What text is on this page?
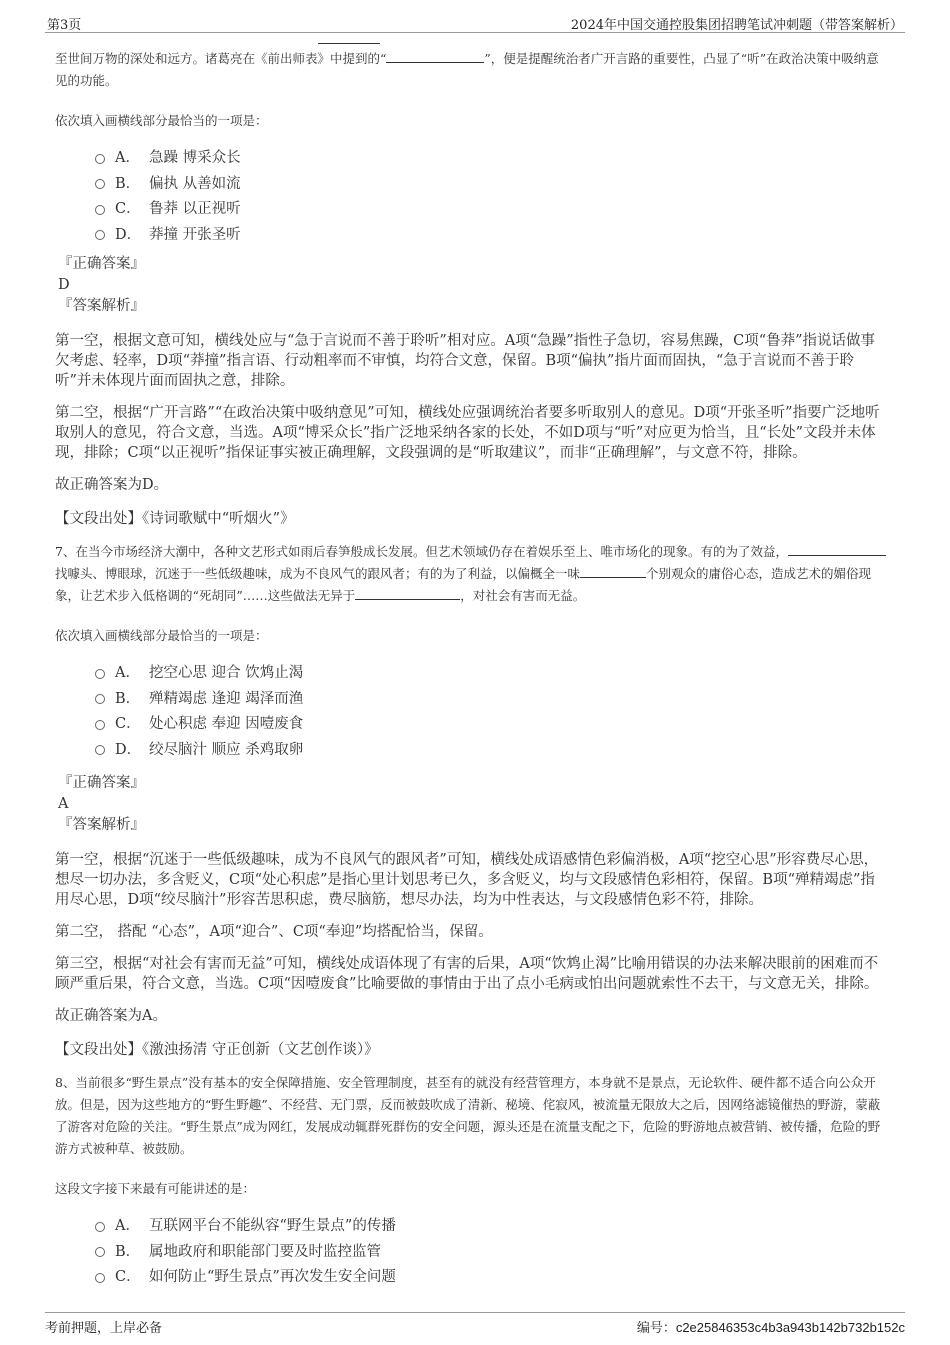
第3页	2024年中国交通控股集团招聘笔试冲刺题（带答案解析）

至世间万物的深处和远方。诸葛亮在《前出师表》中提到的“	”，便是提醒统治者广开言路的重要性，凸显了“听”在政治决策中吸纳意见的功能。

依次填入画横线部分最恰当的一项是：

A． 急躁 博采众长
B． 偏执 从善如流
C． 鲁莽 以正视听
D． 莽撞 开张圣听
『正确答案』
D
『答案解析』

第一空，根据文意可知，横线处应与“急于言说而不善于聆听”相对应。A项“急躁”指性子急切，容易焦躁，C项“鲁莽”指说话做事欠考虑、轻率，D项“莽撞”指言语、行动粗率而不审慎，均符合文意，保留。B项“偏执”指片面而固执，“急于言说而不善于聆听”并未体现片面而固执之意，排除。

第二空，根据“广开言路”“在政治决策中吸纳意见”可知，横线处应强调统治者要多听取别人的意见。D项“开张圣听”指要广泛地听取别人的意见，符合文意，当选。A项“博采众长”指广泛地采纳各家的长处，不如D项与“听”对应更为恰当，且“长处”文段并未体现，排除；C项“以正视听”指保证事实被正确理解，文段强调的是“听取建议”，而非“正确理解”，与文意不符，排除。

故正确答案为D。

【文段出处】《诗词歌赋中“听烟火”》

7、在当今市场经济大潮中，各种文艺形式如雨后春笋般成长发展。但艺术领域仍存在着娱乐至上、唯市场化的现象。有的为了效益，找噱头、博眼球，沉迷于一些低级趣味，成为不良风气的跟风者；有的为了利益，以偏概全一味	个别观众的庸俗心态，造成艺术的媚俗现象，让艺术步入低格调的“死胡同”……这些做法无异于	，对社会有害而无益。

依次填入画横线部分最恰当的一项是：

A． 挖空心思 迎合 饮鸩止渴
B． 殚精竭虑 逢迎 竭泽而渔
C． 处心积虑 奉迎 因噎废食
D． 绞尽脑汁 顺应 杀鸡取卵
『正确答案』
A
『答案解析』

第一空，根据“沉迷于一些低级趣味，成为不良风气的跟风者”可知，横线处成语感情色彩偏消极，A项“挖空心思”形容费尽心思，想尽一切办法，多含贬义，C项“处心积虑”是指心里计划思考已久，多含贬义，均与文段感情色彩相符，保留。B项“殚精竭虑”指用尽心思，D项“绞尽脑汁”形容苦思积虑，费尽脑筋，想尽办法，均为中性表达，与文段感情色彩不符，排除。

第二空， 搭配 “心态”，A项“迎合”、C项“奉迎”均搭配恰当，保留。

第三空，根据“对社会有害而无益”可知，横线处成语体现了有害的后果，A项“饮鸩止渴”比喻用错误的办法来解决眼前的困难而不顾严重后果，符合文意，当选。C项“因噎废食”比喻要做的事情由于出了点小毛病或怕出问题就索性不去干，与文意无关，排除。

故正确答案为A。

【文段出处】《激浊扬清 守正创新（文艺创作谈）》

8、当前很多“野生景点”没有基本的安全保障措施、安全管理制度，甚至有的就没有经营管理方，本身就不是景点，无论软件、硬件都不适合向公众开放。但是，因为这些地方的“野生野趣”、不经营、无门票，反而被鼓吹成了清新、秘境、侘寂风，被流量无限放大之后，因网络滤镜催热的野游，蒙蔽了游客对危险的关注。“野生景点”成为网红，发展成动辄群死群伤的安全问题，源头还是在流量支配之下，危险的野游地点被营销、被传播，危险的野游方式被种草、被鼓励。

这段文字接下来最有可能讲述的是：

A． 互联网平台不能纵容“野生景点”的传播
B． 属地政府和职能部门要及时监控监管
C． 如何防止“野生景点”再次发生安全问题
考前押题，上岸必备	编号：c2e25846353c4b3a943b142b732b152c
